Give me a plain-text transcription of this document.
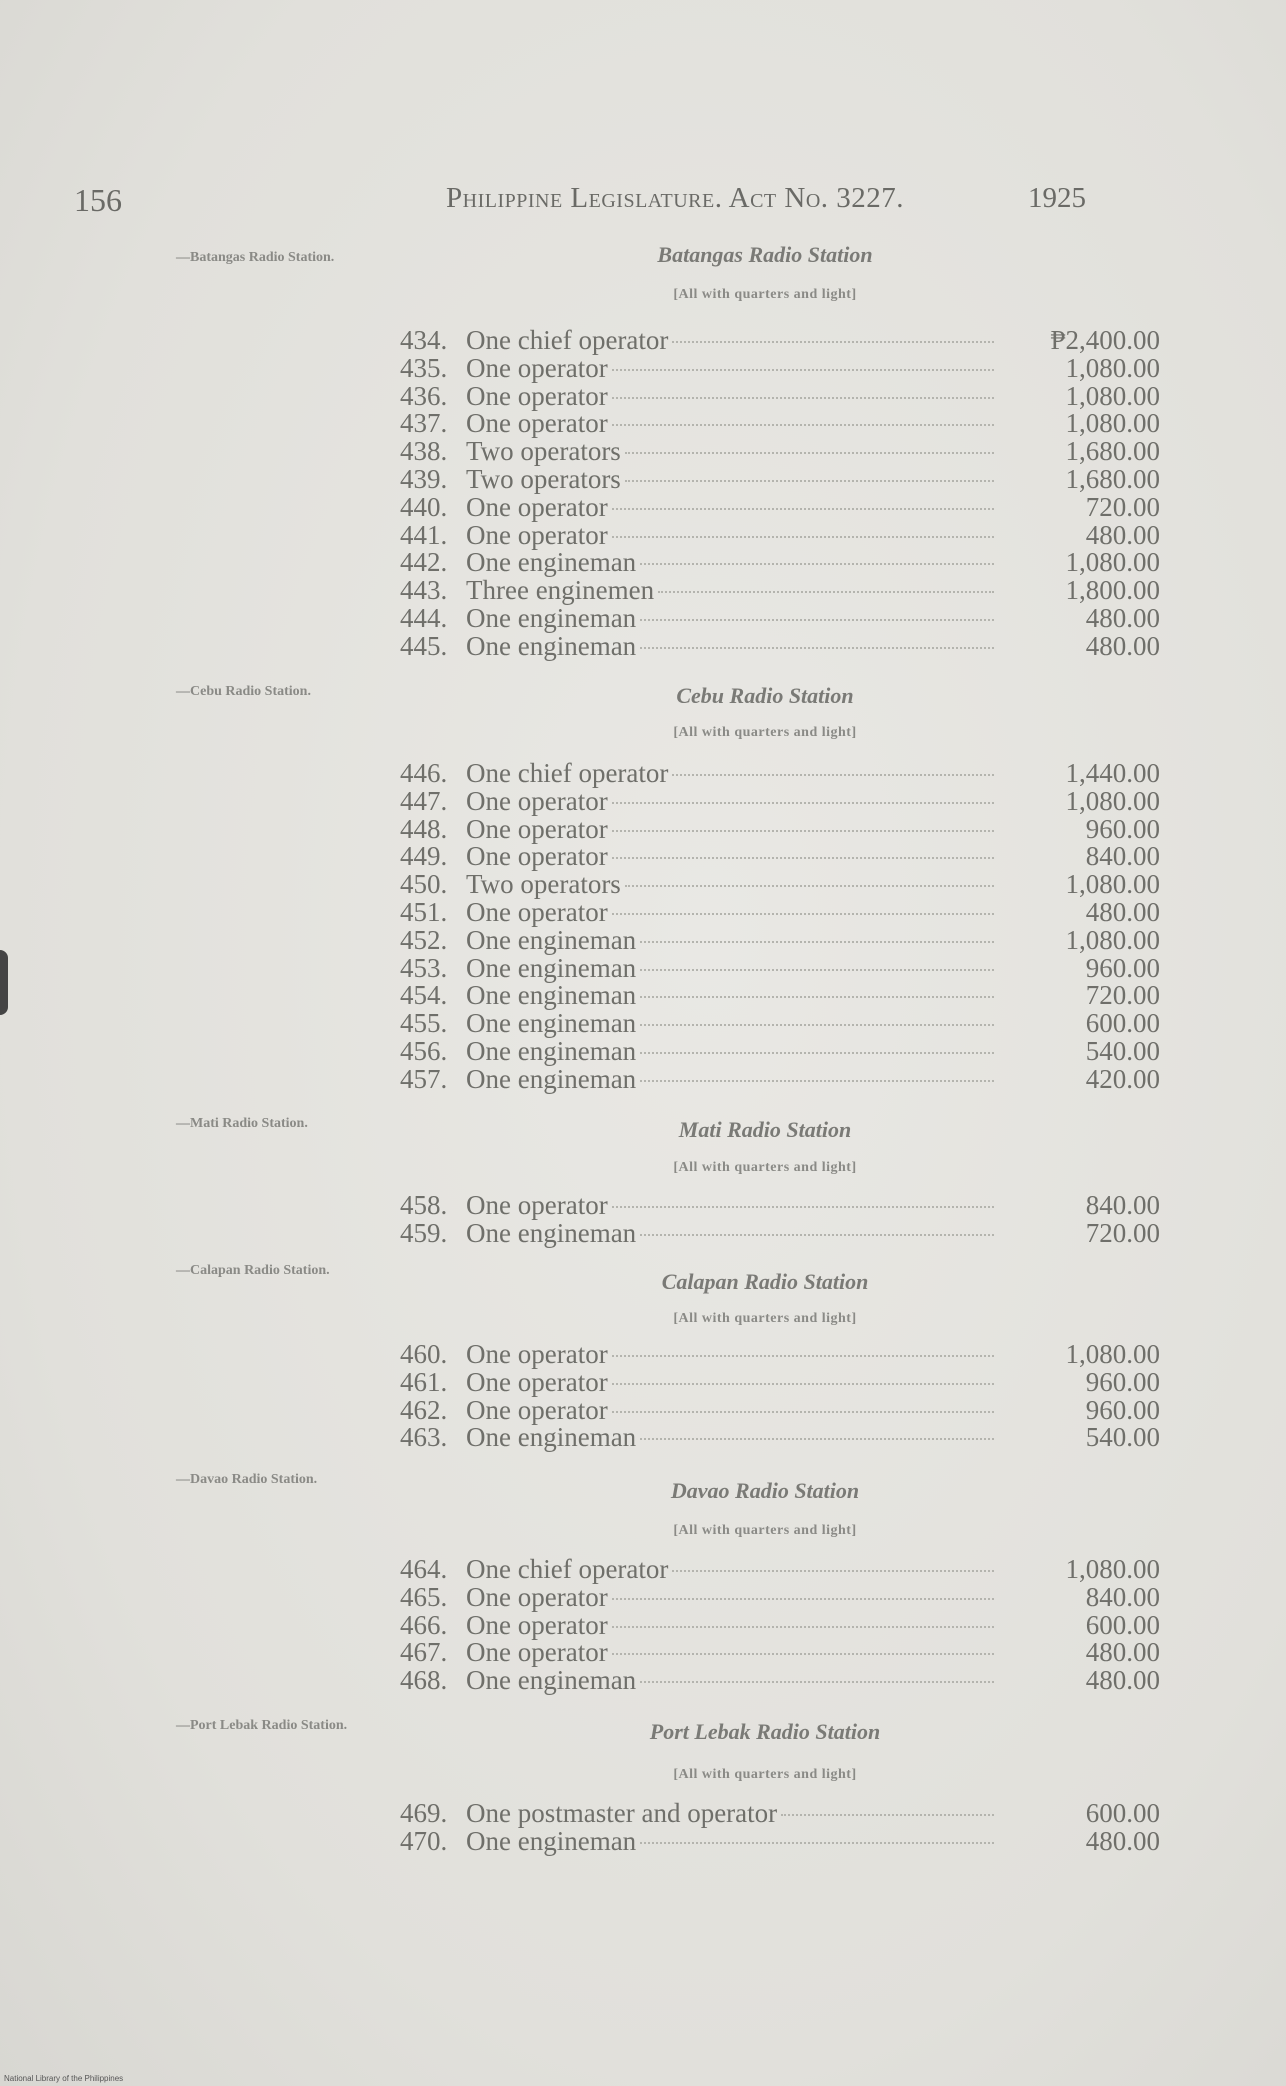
156	Philippine Legislature. Act No. 3227.	1925
—Batangas Radio Station.	Batangas Radio Station
[All with quarters and light]
434. One chief operator	₱2,400.00
435. One operator	1,080.00
436. One operator	1,080.00
437. One operator	1,080.00
438. Two operators	1,680.00
439. Two operators	1,680.00
440. One operator	720.00
441. One operator	480.00
442. One engineman	1,080.00
443. Three enginemen	1,800.00
444. One engineman	480.00
445. One engineman	480.00
—Cebu Radio Station.	Cebu Radio Station
[All with quarters and light]
446. One chief operator	1,440.00
447. One operator	1,080.00
448. One operator	960.00
449. One operator	840.00
450. Two operators	1,080.00
451. One operator	480.00
452. One engineman	1,080.00
453. One engineman	960.00
454. One engineman	720.00
455. One engineman	600.00
456. One engineman	540.00
457. One engineman	420.00
—Mati Radio Station.	Mati Radio Station
[All with quarters and light]
458. One operator	840.00
459. One engineman	720.00
—Calapan Radio Station.	Calapan Radio Station
[All with quarters and light]
460. One operator	1,080.00
461. One operator	960.00
462. One operator	960.00
463. One engineman	540.00
—Davao Radio Station.	Davao Radio Station
[All with quarters and light]
464. One chief operator	1,080.00
465. One operator	840.00
466. One operator	600.00
467. One operator	480.00
468. One engineman	480.00
—Port Lebak Radio Station.	Port Lebak Radio Station
[All with quarters and light]
469. One postmaster and operator	600.00
470. One engineman	480.00
National Library of the Philippines
